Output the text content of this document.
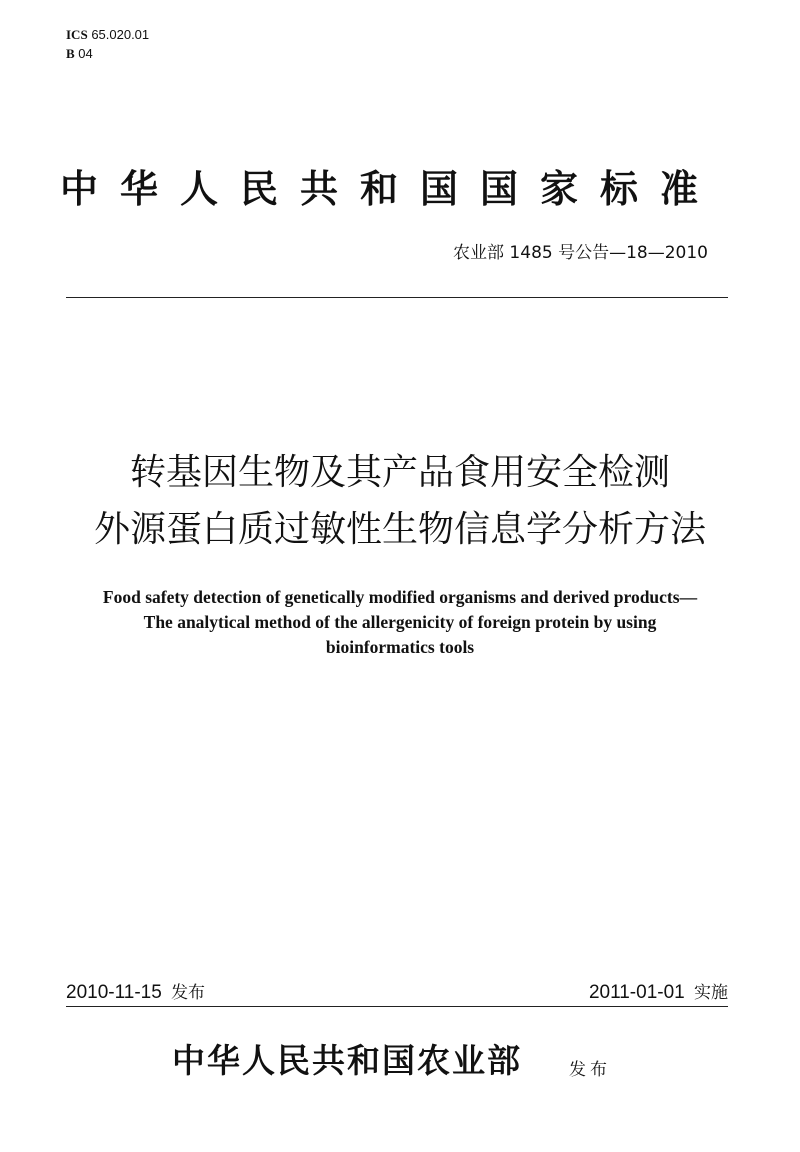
ICS 65.020.01
B 04
中华人民共和国国家标准
农业部 1485 号公告—18—2010
转基因生物及其产品食用安全检测
外源蛋白质过敏性生物信息学分析方法
Food safety detection of genetically modified organisms and derived products—
The analytical method of the allergenicity of foreign protein by using
bioinformatics tools
2010-11-15 发布	2011-01-01 实施
中华人民共和国农业部	发布
